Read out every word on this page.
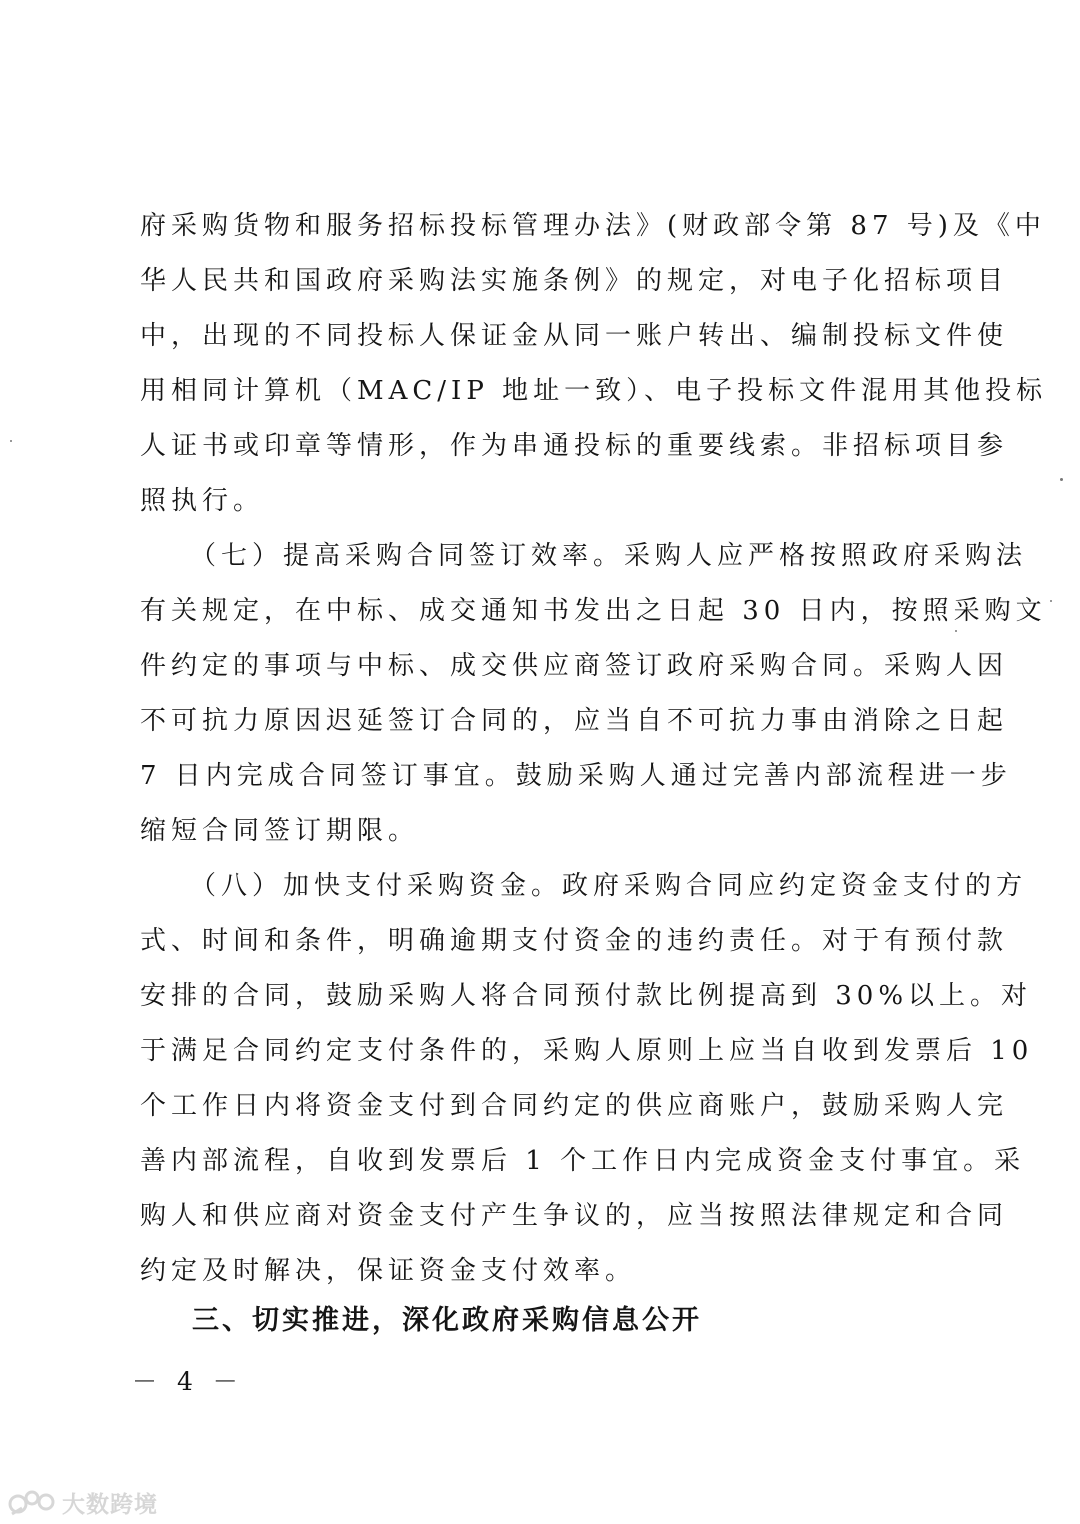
府采购货物和服务招标投标管理办法》(财政部令第 87 号)及《中
华人民共和国政府采购法实施条例》的规定，对电子化招标项目
中，出现的不同投标人保证金从同一账户转出、编制投标文件使
用相同计算机（MAC/IP 地址一致）、电子投标文件混用其他投标
人证书或印章等情形，作为串通投标的重要线索。非招标项目参
照执行。
（七）提高采购合同签订效率。采购人应严格按照政府采购法
有关规定，在中标、成交通知书发出之日起 30 日内，按照采购文
件约定的事项与中标、成交供应商签订政府采购合同。采购人因
不可抗力原因迟延签订合同的，应当自不可抗力事由消除之日起
7 日内完成合同签订事宜。鼓励采购人通过完善内部流程进一步
缩短合同签订期限。
（八）加快支付采购资金。政府采购合同应约定资金支付的方
式、时间和条件，明确逾期支付资金的违约责任。对于有预付款
安排的合同，鼓励采购人将合同预付款比例提高到 30%以上。对
于满足合同约定支付条件的，采购人原则上应当自收到发票后 10
个工作日内将资金支付到合同约定的供应商账户，鼓励采购人完
善内部流程，自收到发票后 1 个工作日内完成资金支付事宜。采
购人和供应商对资金支付产生争议的，应当按照法律规定和合同
约定及时解决，保证资金支付效率。
三、切实推进，深化政府采购信息公开
－ 4 －
大数跨境
